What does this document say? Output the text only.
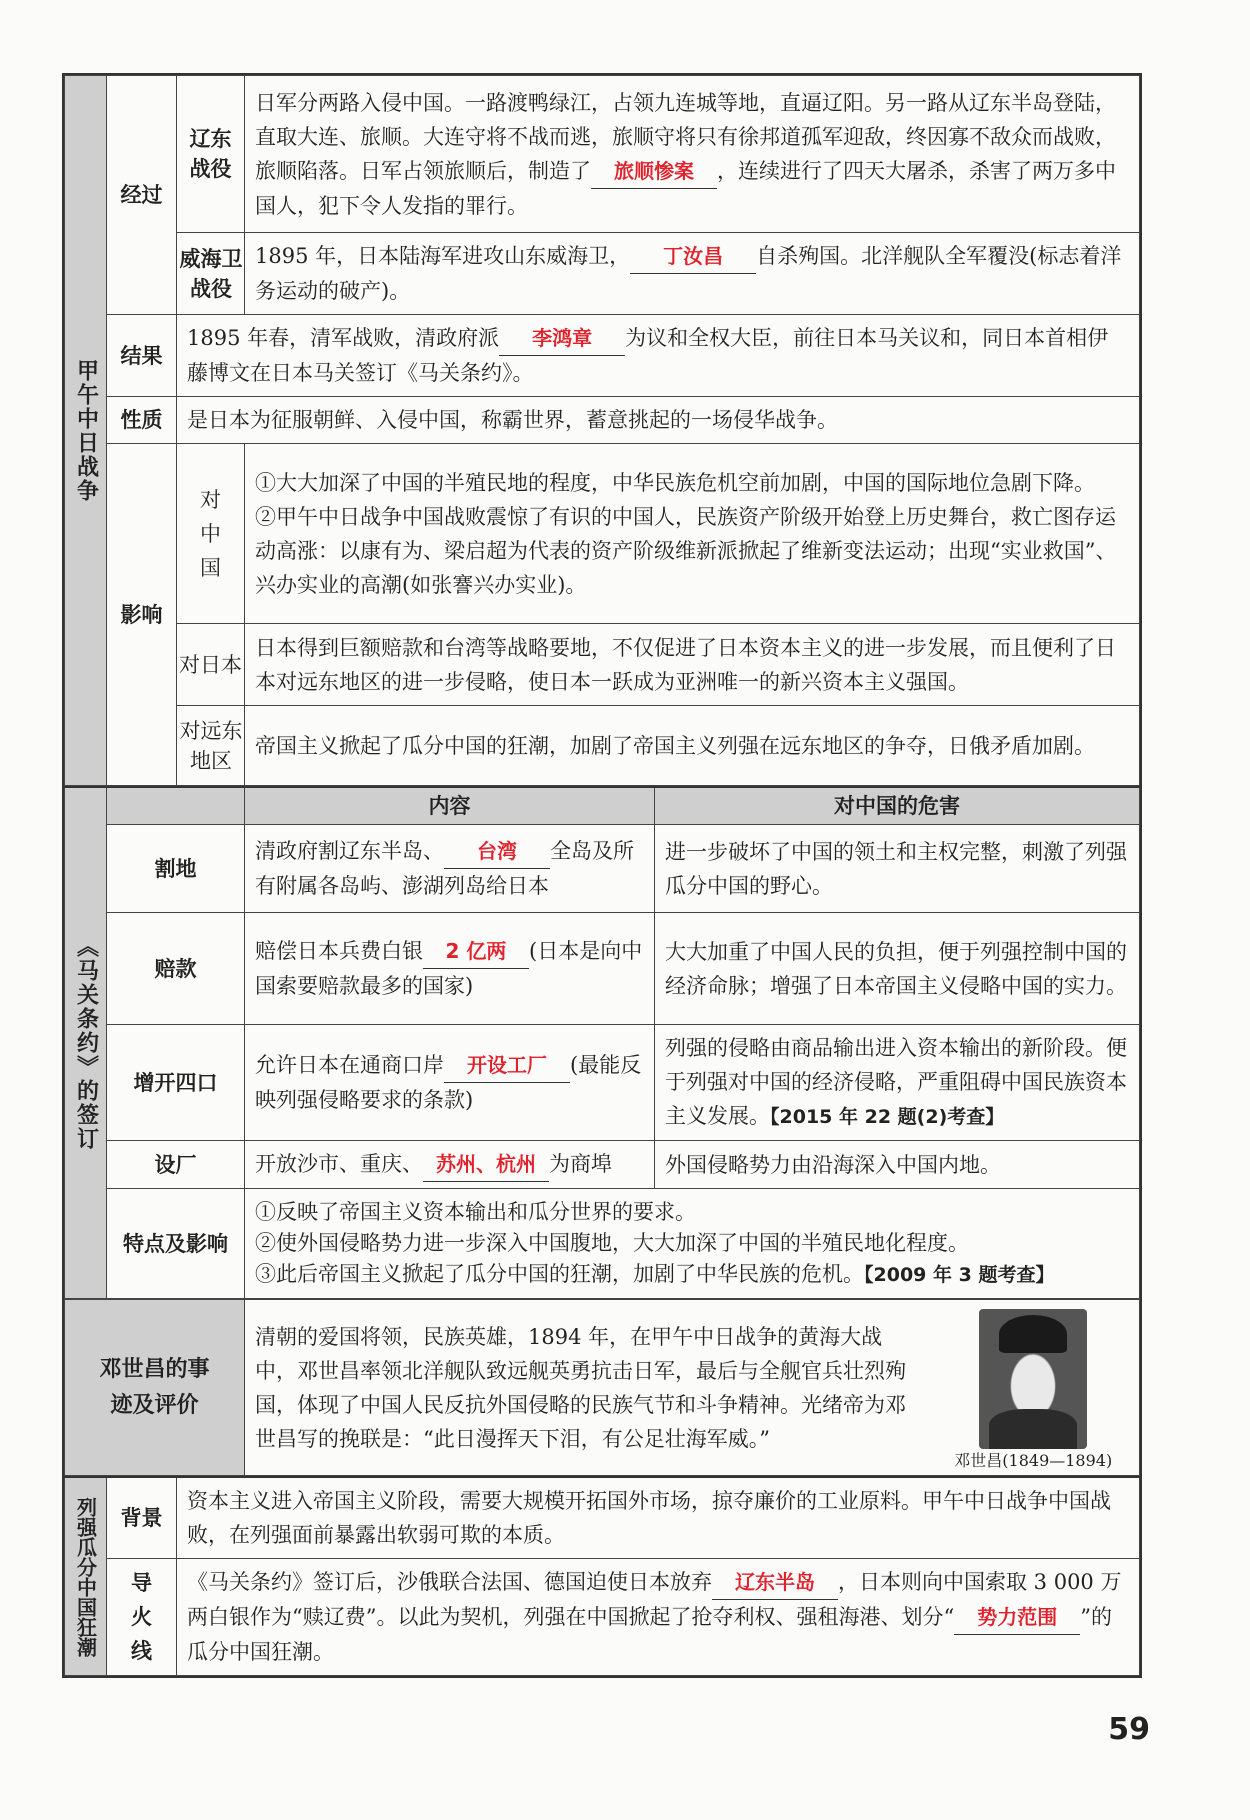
甲午中日战争	经过	辽东战役	日军分两路入侵中国。一路渡鸭绿江，占领九连城等地，直逼辽阳。另一路从辽东半岛登陆，直取大连、旅顺。大连守将不战而逃，旅顺守将只有徐邦道孤军迎敌，终因寡不敌众而战败，旅顺陷落。日军占领旅顺后，制造了 旅顺惨案 ，连续进行了四天大屠杀，杀害了两万多中国人，犯下令人发指的罪行。

		威海卫战役	1895 年，日本陆海军进攻山东威海卫， 丁汝昌 自杀殉国。北洋舰队全军覆没(标志着洋务运动的破产)。
	结果	1895 年春，清军战败，清政府派 李鸿章 为议和全权大臣，前往日本马关议和，同日本首相伊藤博文在日本马关签订《马关条约》。	
	性质	是日本为征服朝鲜、入侵中国，称霸世界，蓄意挑起的一场侵华战争。	
	影响	对中国	①大大加深了中国的半殖民地的程度，中华民族危机空前加剧，中国的国际地位急剧下降。
②甲午中日战争中国战败震惊了有识的中国人，民族资产阶级开始登上历史舞台，救亡图存运动高涨：以康有为、梁启超为代表的资产阶级维新派掀起了维新变法运动；出现“实业救国”、兴办实业的高潮(如张謇兴办实业)。

		对日本	日本得到巨额赔款和台湾等战略要地，不仅促进了日本资本主义的进一步发展，而且便利了日本对远东地区的进一步侵略，使日本一跃成为亚洲唯一的新兴资本主义强国。

		对远东地区	帝国主义掀起了瓜分中国的狂潮，加剧了帝国主义列强在远东地区的争夺，日俄矛盾加剧。
《马关条约》的签订		内容	对中国的危害
	割地	清政府割辽东半岛、 台湾 全岛及所有附属各岛屿、澎湖列岛给日本	进一步破坏了中国的领土和主权完整，刺激了列强瓜分中国的野心。
	赔款	赔偿日本兵费白银 2 亿两 (日本是向中国索要赔款最多的国家)	大大加重了中国人民的负担，便于列强控制中国的经济命脉；增强了日本帝国主义侵略中国的实力。
	增开四口	允许日本在通商口岸 开设工厂 (最能反映列强侵略要求的条款)	列强的侵略由商品输出进入资本输出的新阶段。便于列强对中国的经济侵略，严重阻碍中国民族资本主义发展。【2015 年 22 题(2)考查】
	设厂	开放沙市、重庆、 苏州、杭州 为商埠	外国侵略势力由沿海深入中国内地。
	特点及影响	①反映了帝国主义资本输出和瓜分世界的要求。
②使外国侵略势力进一步深入中国腹地，大大加深了中国的半殖民地化程度。
③此后帝国主义掀起了瓜分中国的狂潮，加剧了中华民族的危机。【2009 年 3 题考查】	
邓世昌的事迹及评价
	清朝的爱国将领，民族英雄，1894 年，在甲午中日战争的黄海大战中，邓世昌率领北洋舰队致远舰英勇抗击日军，最后与全舰官兵壮烈殉国，体现了中国人民反抗外国侵略的民族气节和斗争精神。光绪帝为邓世昌写的挽联是：“此日漫挥天下泪，有公足壮海军威。”	
邓世昌(1849—1894)
列强瓜分中国狂潮	背景	资本主义进入帝国主义阶段，需要大规模开拓国外市场，掠夺廉价的工业原料。甲午中日战争中国战败，在列强面前暴露出软弱可欺的本质。

	导火线	《马关条约》签订后，沙俄联合法国、德国迫使日本放弃 辽东半岛 ，日本则向中国索取 3 000 万两白银作为“赎辽费”。以此为契机，列强在中国掀起了抢夺利权、强租海港、划分“ 势力范围 ”的瓜分中国狂潮。
59
